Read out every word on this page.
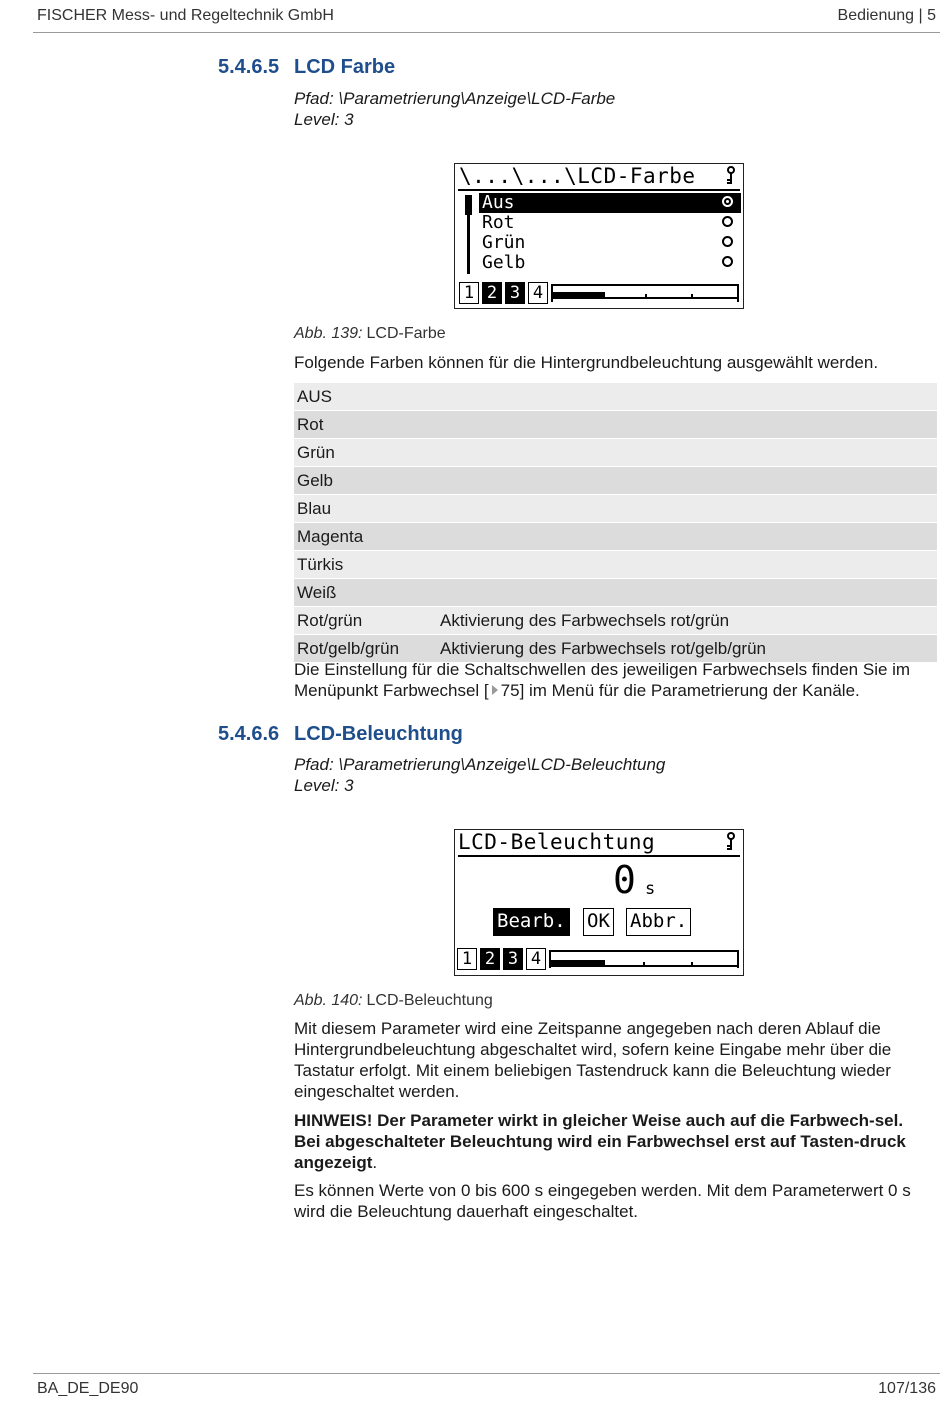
FISCHER Mess- und Regeltechnik GmbH	Bedienung | 5
5.4.6.5 LCD Farbe
Pfad: \Parametrierung\Anzeige\LCD-Farbe
Level: 3
\...\...\LCD-Farbe
Aus
Rot
Grün
Gelb
1 2 3 4
Abb. 139: LCD-Farbe
Folgende Farben können für die Hintergrundbeleuchtung ausgewählt werden.
AUS	
Rot	
Grün	
Gelb	
Blau	
Magenta	
Türkis	
Weiß	
Rot/grün	Aktivierung des Farbwechsels rot/grün
Rot/gelb/grün	Aktivierung des Farbwechsels rot/gelb/grün
Die Einstellung für die Schaltschwellen des jeweiligen Farbwechsels finden Sie im Menüpunkt Farbwechsel [ 75] im Menü für die Parametrierung der Kanäle.
5.4.6.6 LCD-Beleuchtung
Pfad: \Parametrierung\Anzeige\LCD-Beleuchtung
Level: 3
LCD-Beleuchtung
0 s
Bearb. OK Abbr.
1 2 3 4
Abb. 140: LCD-Beleuchtung
Mit diesem Parameter wird eine Zeitspanne angegeben nach deren Ablauf die Hintergrundbeleuchtung abgeschaltet wird, sofern keine Eingabe mehr über die Tastatur erfolgt. Mit einem beliebigen Tastendruck kann die Beleuchtung wieder eingeschaltet werden.
HINWEIS! Der Parameter wirkt in gleicher Weise auch auf die Farbwech-sel. Bei abgeschalteter Beleuchtung wird ein Farbwechsel erst auf Tasten-druck angezeigt.
Es können Werte von 0 bis 600 s eingegeben werden. Mit dem Parameterwert 0 s wird die Beleuchtung dauerhaft eingeschaltet.
BA_DE_DE90	107/136
